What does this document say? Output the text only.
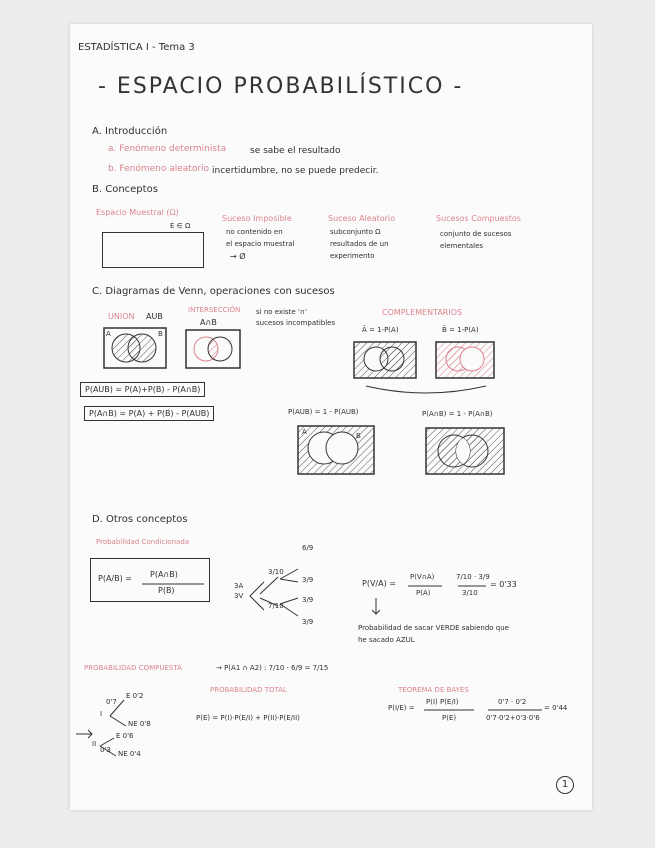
ESTADÍSTICA I - Tema 3
- ESPACIO PROBABILÍSTICO -
A. Introducción
a. Fenómeno determinista	se sabe el resultado
b. Fenómeno aleatorio incertidumbre, no se puede predecir.
B. Conceptos
Espacio Muestral (Ω)
E ∈ Ω
Suceso Imposible
no contenido en
el espacio muestral
→ Ø
Suceso Aleatorio
subconjunto Ω
resultados de un
experimento
Sucesos Compuestos
conjunto de sucesos
elementales
C. Diagramas de Venn, operaciones con sucesos
UNIÓN AUB
INTERSECCIÓN
A∩B
si no existe '∩'
sucesos incompatibles
COMPLEMENTARIOS
Ā = 1-P(A)	B̄ = 1-P(A)
P(AUB) = P(A)+P(B) - P(A∩B)
P(A∩B) = P(A) + P(B) - P(AUB)	P(AUB) = 1 - P(AUB)	P(A∩B) = 1 - P(A∩B)
A	B
A	B
D. Otros conceptos
Probabilidad Condicionada
P(A/B) = P(A∩B)
P(B)	3A
3V
3/10
7/10
6/9
3/9
3/9
3/9
P(V/A) =
P(V∩A)
P(A)
7/10 · 3/9
3/10
= 0'33
Probabilidad de sacar VERDE sabiendo que
he sacado AZUL
PROBABILIDAD COMPUESTA	→ P(A1 ∩ A2) : 7/10 · 6/9 = 7/15
PROBABILIDAD TOTAL
P(E) = P(I)·P(E/I) + P(II)·P(E/II)
TEOREMA DE BAYES
P(I/E) =
P(I) P(E/I)
P(E)
0'7 · 0'2
0'7·0'2+0'3·0'6
= 0'44
I
II
0'7
0'3
E 0'2
NE 0'8
E 0'6
NE 0'4
1
